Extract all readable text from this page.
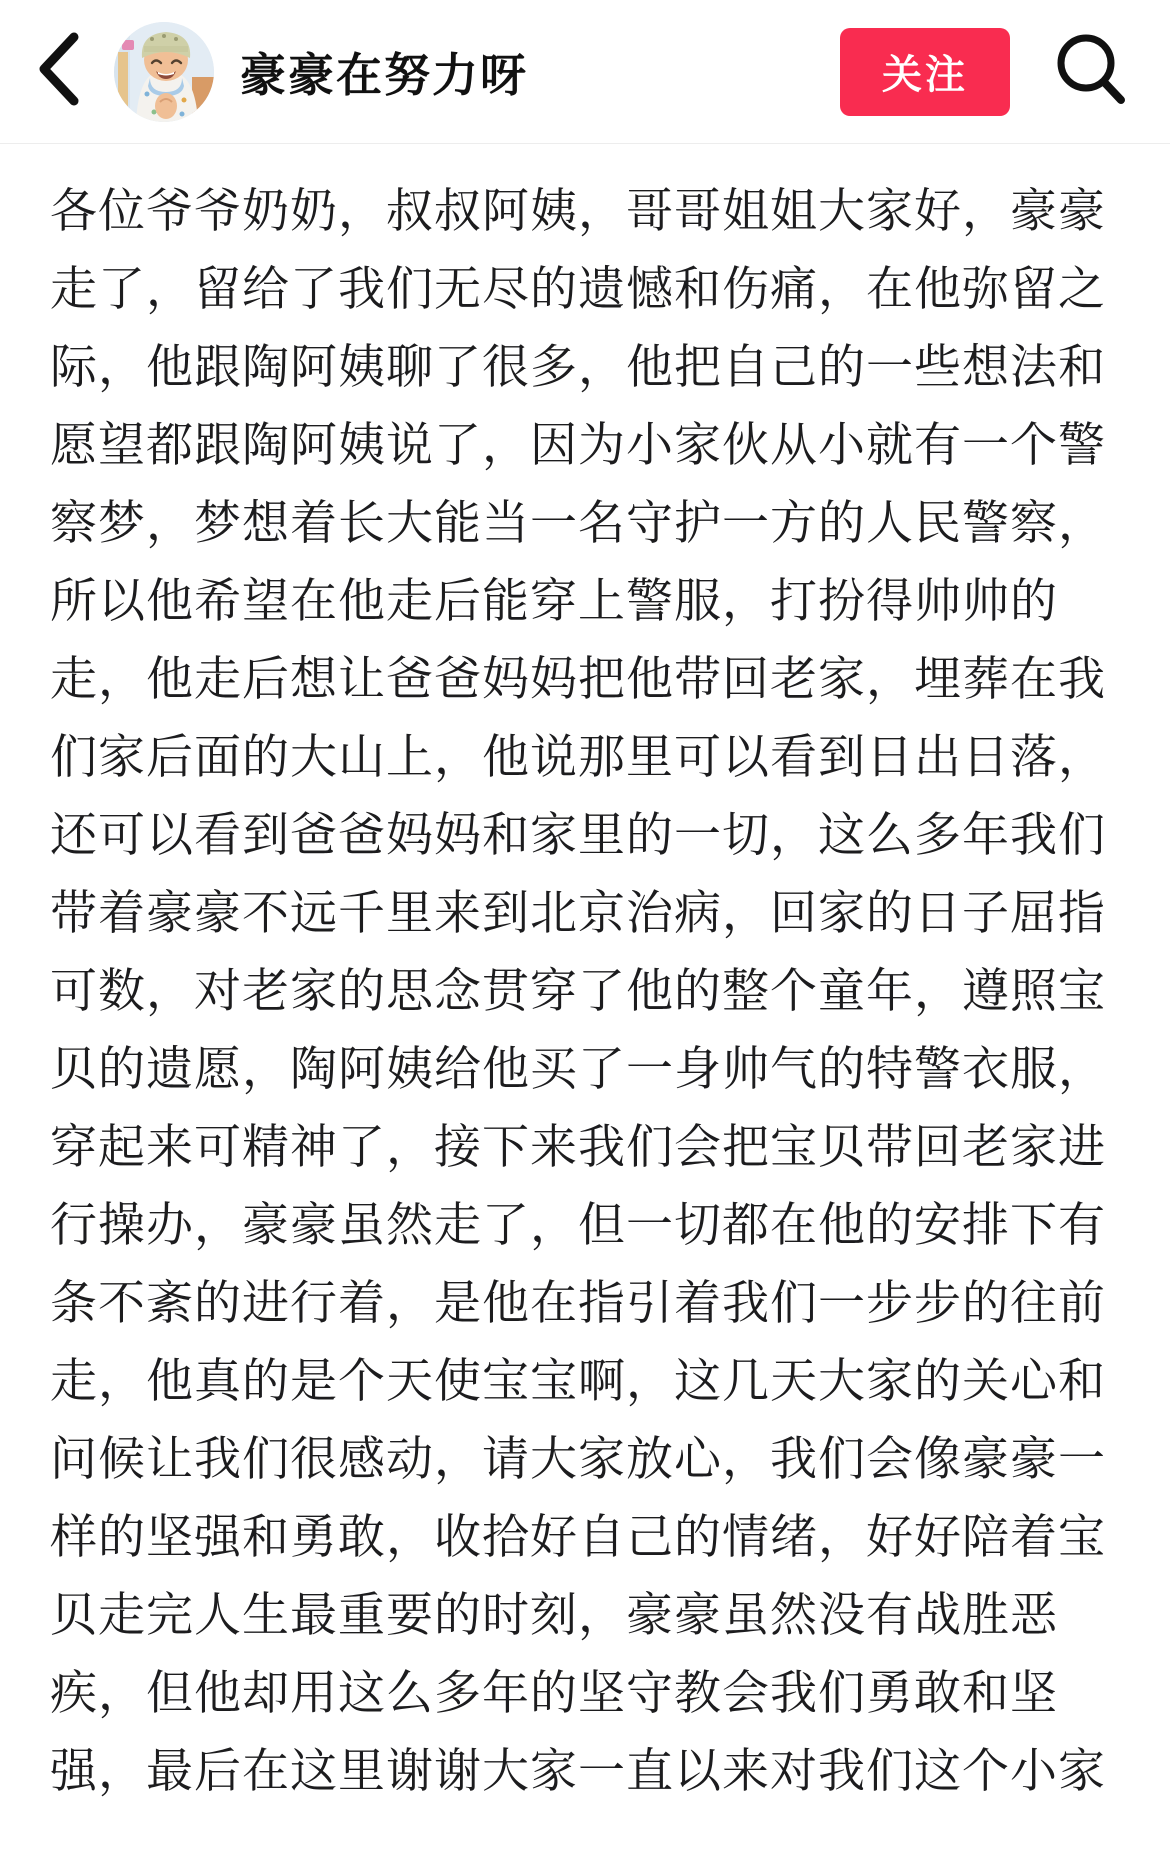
豪豪在努力呀	关注
各位爷爷奶奶，叔叔阿姨，哥哥姐姐大家好，豪豪
走了，留给了我们无尽的遗憾和伤痛，在他弥留之
际，他跟陶阿姨聊了很多，他把自己的一些想法和
愿望都跟陶阿姨说了，因为小家伙从小就有一个警
察梦，梦想着长大能当一名守护一方的人民警察，
所以他希望在他走后能穿上警服，打扮得帅帅的
走，他走后想让爸爸妈妈把他带回老家，埋葬在我
们家后面的大山上，他说那里可以看到日出日落，
还可以看到爸爸妈妈和家里的一切，这么多年我们
带着豪豪不远千里来到北京治病，回家的日子屈指
可数，对老家的思念贯穿了他的整个童年，遵照宝
贝的遗愿，陶阿姨给他买了一身帅气的特警衣服，
穿起来可精神了，接下来我们会把宝贝带回老家进
行操办，豪豪虽然走了，但一切都在他的安排下有
条不紊的进行着，是他在指引着我们一步步的往前
走，他真的是个天使宝宝啊，这几天大家的关心和
问候让我们很感动，请大家放心，我们会像豪豪一
样的坚强和勇敢，收拾好自己的情绪，好好陪着宝
贝走完人生最重要的时刻，豪豪虽然没有战胜恶
疾，但他却用这么多年的坚守教会我们勇敢和坚
强，最后在这里谢谢大家一直以来对我们这个小家
